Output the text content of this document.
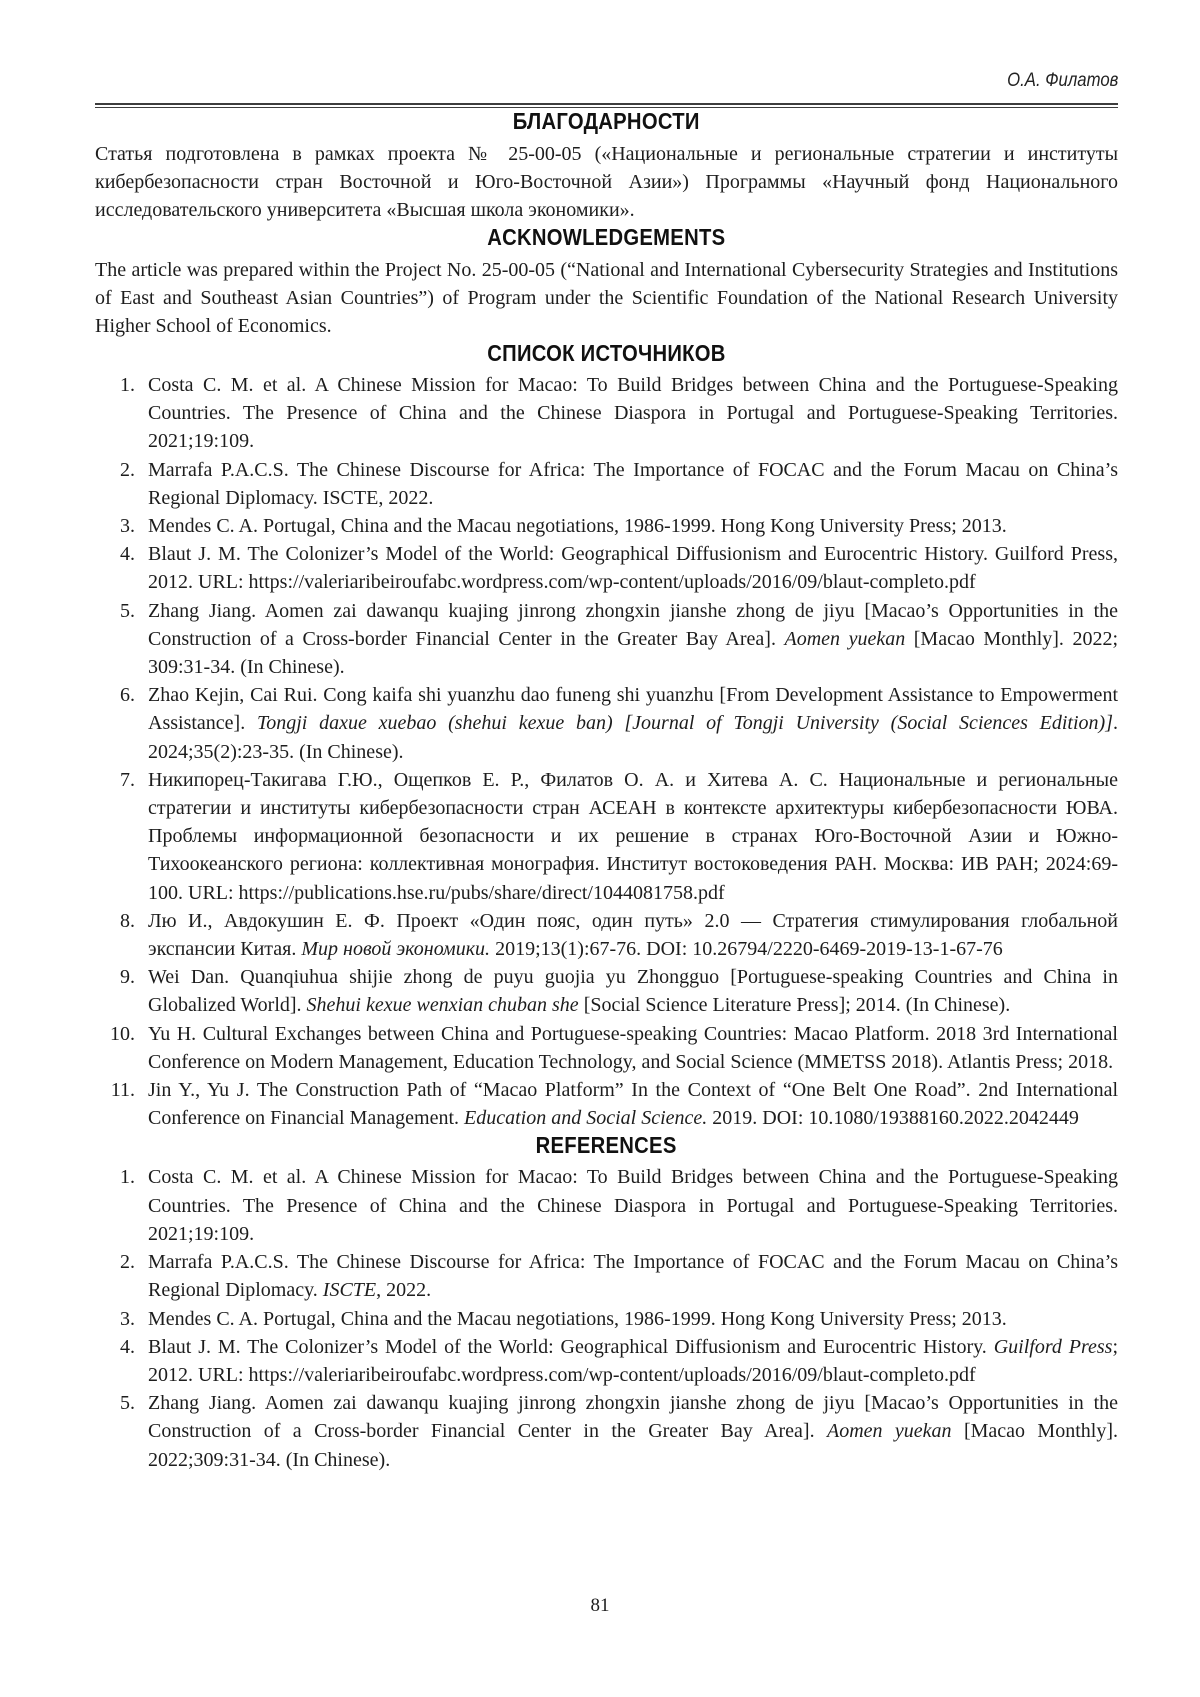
О.А. Филатов
БЛАГОДАРНОСТИ

Статья подготовлена в рамках проекта № 25-00-05 («Национальные и региональные стратегии и институты кибербезопасности стран Восточной и Юго-Восточной Азии») Программы «Научный фонд Национального исследовательского университета «Высшая школа экономики».

ACKNOWLEDGEMENTS

The article was prepared within the Project No. 25-00-05 (“National and International Cybersecurity Strategies and Institutions of East and Southeast Asian Countries”) of Program under the Scientific Foundation of the National Research University Higher School of Economics.

СПИСОК ИСТОЧНИКОВ
1. Costa C. M. et al. A Chinese Mission for Macao: To Build Bridges between China and the Portuguese-Speaking Countries. The Presence of China and the Chinese Diaspora in Portugal and Portuguese-Speaking Territories. 2021;19:109.
2. Marrafa P.A.C.S. The Chinese Discourse for Africa: The Importance of FOCAC and the Forum Macau on China’s Regional Diplomacy. ISCTE, 2022.
3. Mendes C. A. Portugal, China and the Macau negotiations, 1986-1999. Hong Kong University Press; 2013.
4. Blaut J. M. The Colonizer’s Model of the World: Geographical Diffusionism and Eurocentric History. Guilford Press, 2012. URL: https://valeriaribeiroufabc.wordpress.com/wp-content/uploads/2016/09/blaut-completo.pdf
5. Zhang Jiang. Aomen zai dawanqu kuajing jinrong zhongxin jianshe zhong de jiyu [Macao’s Opportunities in the Construction of a Cross-border Financial Center in the Greater Bay Area]. Aomen yuekan [Macao Monthly]. 2022; 309:31-34. (In Chinese).
6. Zhao Kejin, Cai Rui. Cong kaifa shi yuanzhu dao funeng shi yuanzhu [From Development Assistance to Empowerment Assistance]. Tongji daxue xuebao (shehui kexue ban) [Journal of Tongji University (Social Sciences Edition)]. 2024;35(2):23-35. (In Chinese).
7. Никипорец-Такигава Г.Ю., Ощепков Е. Р., Филатов О. А. и Хитева А. С. Национальные и региональные стратегии и институты кибербезопасности стран АСЕАН в контексте архитектуры кибербезопасности ЮВА. Проблемы информационной безопасности и их решение в странах Юго-Восточной Азии и Южно-Тихоокеанского региона: коллективная монография. Институт востоковедения РАН. Москва: ИВ РАН; 2024:69-100. URL: https://publications.hse.ru/pubs/share/direct/1044081758.pdf
8. Лю И., Авдокушин Е. Ф. Проект «Один пояс, один путь» 2.0 — Стратегия стимулирования глобальной экспансии Китая. Мир новой экономики. 2019;13(1):67-76. DOI: 10.26794/2220-6469-2019-13-1-67-76
9. Wei Dan. Quanqiuhua shijie zhong de puyu guojia yu Zhongguo [Portuguese-speaking Countries and China in Globalized World]. Shehui kexue wenxian chuban she [Social Science Literature Press]; 2014. (In Chinese).
10. Yu H. Cultural Exchanges between China and Portuguese-speaking Countries: Macao Platform. 2018 3rd International Conference on Modern Management, Education Technology, and Social Science (MMETSS 2018). Atlantis Press; 2018.
11. Jin Y., Yu J. The Construction Path of “Macao Platform” In the Context of “One Belt One Road”. 2nd International Conference on Financial Management. Education and Social Science. 2019. DOI: 10.1080/19388160.2022.2042449
REFERENCES
1. Costa C. M. et al. A Chinese Mission for Macao: To Build Bridges between China and the Portuguese-Speaking Countries. The Presence of China and the Chinese Diaspora in Portugal and Portuguese-Speaking Territories. 2021;19:109.
2. Marrafa P.A.C.S. The Chinese Discourse for Africa: The Importance of FOCAC and the Forum Macau on China’s Regional Diplomacy. ISCTE, 2022.
3. Mendes C. A. Portugal, China and the Macau negotiations, 1986-1999. Hong Kong University Press; 2013.
4. Blaut J. M. The Colonizer’s Model of the World: Geographical Diffusionism and Eurocentric History. Guilford Press; 2012. URL: https://valeriaribeiroufabc.wordpress.com/wp-content/uploads/2016/09/blaut-completo.pdf
5. Zhang Jiang. Aomen zai dawanqu kuajing jinrong zhongxin jianshe zhong de jiyu [Macao’s Opportunities in the Construction of a Cross-border Financial Center in the Greater Bay Area]. Aomen yuekan [Macao Monthly]. 2022;309:31-34. (In Chinese).
81
